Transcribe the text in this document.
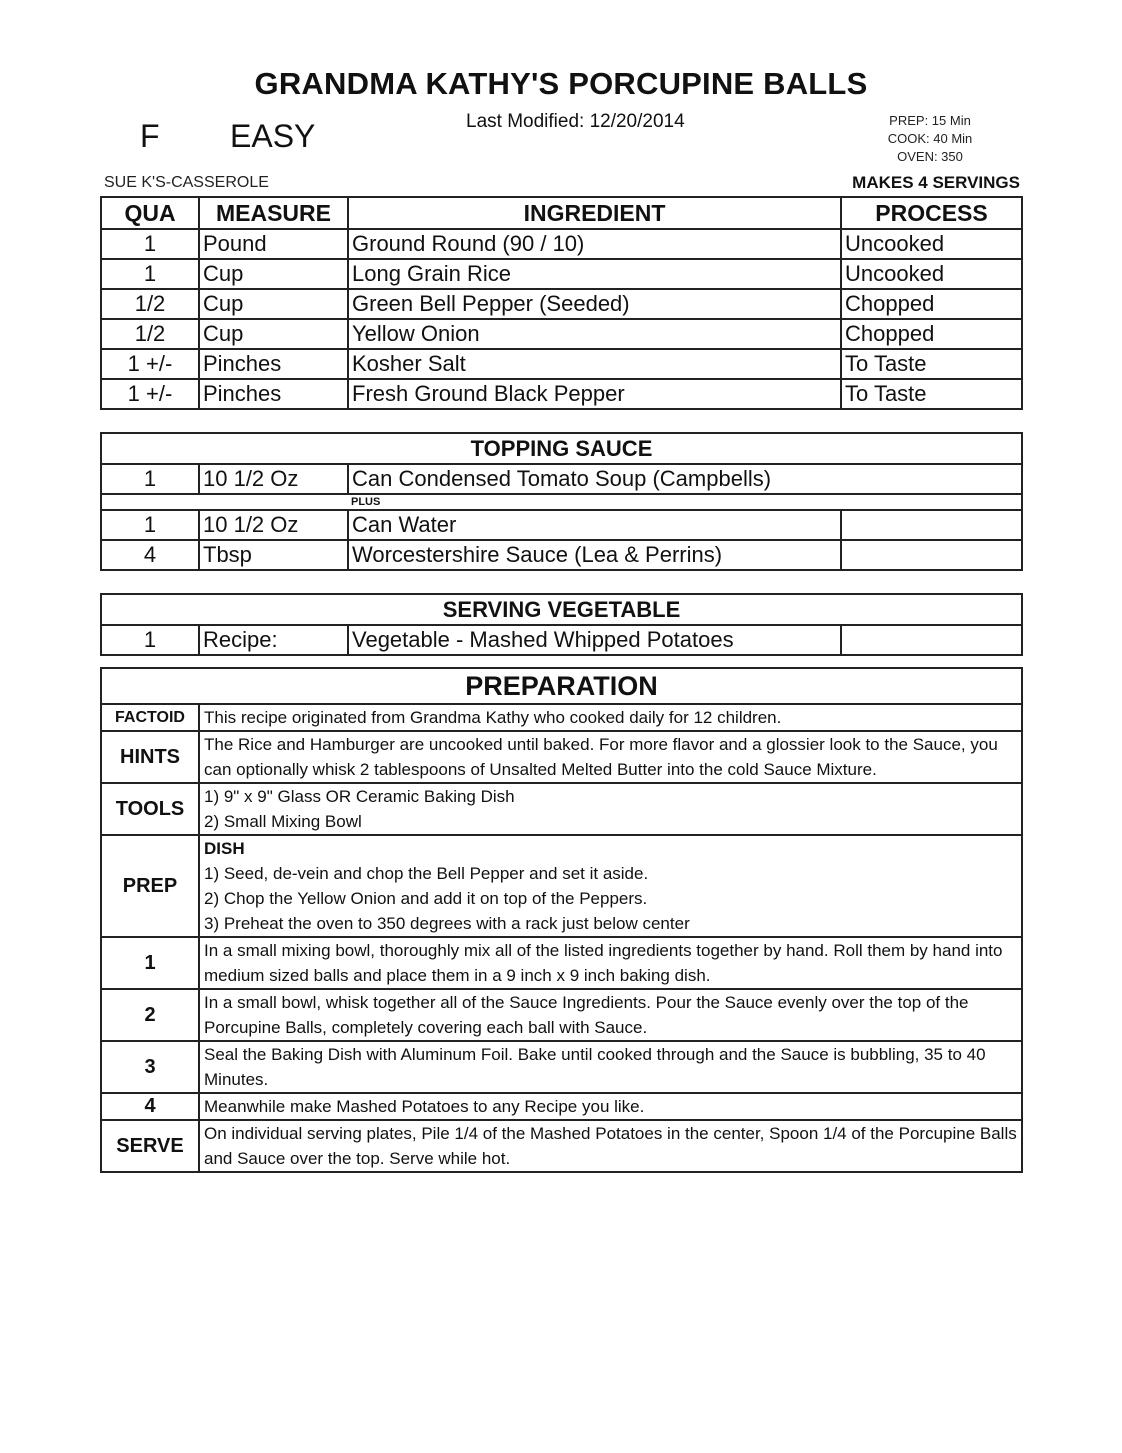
GRANDMA KATHY'S PORCUPINE BALLS
F EASY	Last Modified: 12/20/2014	PREP: 15 Min
COOK: 40 Min
OVEN: 350
SUE K'S-CASSEROLE	MAKES 4 SERVINGS
QUA	MEASURE	INGREDIENT	PROCESS
1	Pound	Ground Round (90 / 10)	Uncooked
1	Cup	Long Grain Rice	Uncooked
1/2	Cup	Green Bell Pepper (Seeded)	Chopped
1/2	Cup	Yellow Onion	Chopped
1 +/-	Pinches	Kosher Salt	To Taste
1 +/-	Pinches	Fresh Ground Black Pepper	To Taste
TOPPING SAUCE			
1	10 1/2 Oz	Can Condensed Tomato Soup (Campbells)	
		PLUS	
1	10 1/2 Oz	Can Water	
4	Tbsp	Worcestershire Sauce (Lea & Perrins)	
SERVING VEGETABLE
1	Recipe:	Vegetable - Mashed Whipped Potatoes	
PREPARATION	
FACTOID	This recipe originated from Grandma Kathy who cooked daily for 12 children.
HINTS	The Rice and Hamburger are uncooked until baked. For more flavor and a glossier look to the Sauce, you can optionally whisk 2 tablespoons of Unsalted Melted Butter into the cold Sauce Mixture.
TOOLS	1) 9" x 9" Glass OR Ceramic Baking Dish
2) Small Mixing Bowl

PREP	DISH
1) Seed, de-vein and chop the Bell Pepper and set it aside.
2) Chop the Yellow Onion and add it on top of the Peppers.
3) Preheat the oven to 350 degrees with a rack just below center

1	In a small mixing bowl, thoroughly mix all of the listed ingredients together by hand. Roll them by hand into medium sized balls and place them in a 9 inch x 9 inch baking dish.
2	In a small bowl, whisk together all of the Sauce Ingredients. Pour the Sauce evenly over the top of the Porcupine Balls, completely covering each ball with Sauce.
3	Seal the Baking Dish with Aluminum Foil. Bake until cooked through and the Sauce is bubbling, 35 to 40 Minutes.
4	Meanwhile make Mashed Potatoes to any Recipe you like.
SERVE	On individual serving plates, Pile 1/4 of the Mashed Potatoes in the center, Spoon 1/4 of the Porcupine Balls and Sauce over the top. Serve while hot.
